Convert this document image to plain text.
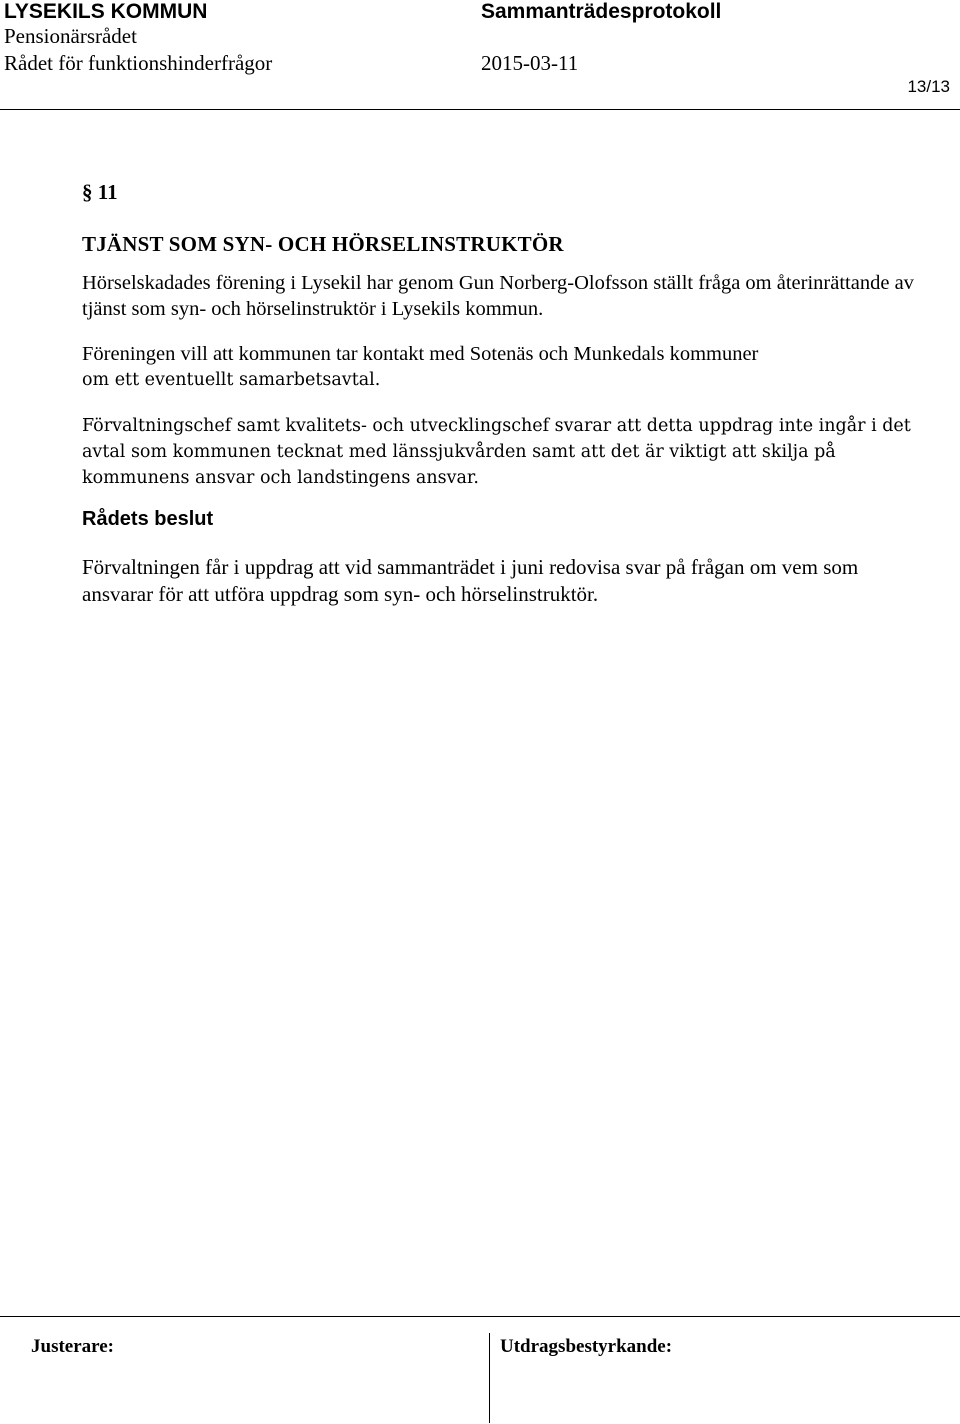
LYSEKILS KOMMUN	Sammanträdesprotokoll
Pensionärsrådet
Rådet för funktionshinderfrågor	2015-03-11
13/13

§ 11

TJÄNST SOM SYN- OCH HÖRSELINSTRUKTÖR

Hörselskadades förening i Lysekil har genom Gun Norberg-Olofsson ställt fråga om återinrättande av tjänst som syn- och hörselinstruktör i Lysekils kommun.

Föreningen vill att kommunen tar kontakt med Sotenäs och Munkedals kommuner

om ett eventuellt samarbetsavtal.

Förvaltningschef samt kvalitets- och utvecklingschef svarar att detta uppdrag inte ingår i det avtal som kommunen tecknat med länssjukvården samt att det är viktigt att skilja på kommunens ansvar och landstingens ansvar.

Rådets beslut

Förvaltningen får i uppdrag att vid sammanträdet i juni redovisa svar på frågan om vem som ansvarar för att utföra uppdrag som syn- och hörselinstruktör.

Justerare:	Utdragsbestyrkande:
